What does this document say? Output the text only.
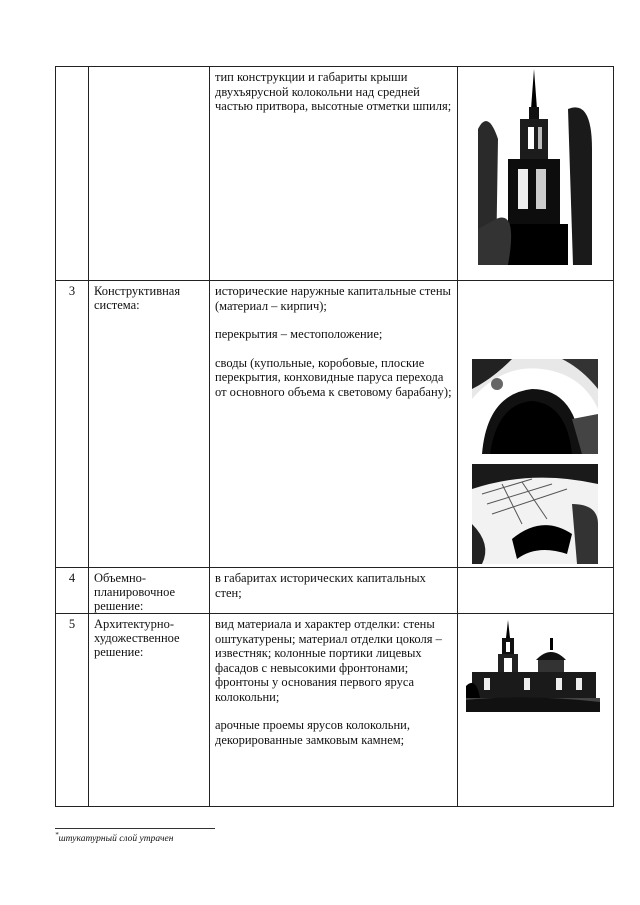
		тип конструкции и габариты крыши двухъярусной колокольни над средней частью притвора, высотные отметки шпиля;

3	Конструктивная система:	исторические наружные капитальные стены (материал – кирпич);

перекрытия – местоположение;

своды (купольные, коробовые, плоские перекрытия, конховидные паруса перехода от основного объема к световому барабану);

4	Объемно-планировочное решение:	в габаритах исторических капитальных стен;	

5	Архитектурно-художественное решение:	вид материала и характер отделки: стены оштукатурены; материал отделки цоколя – известняк; колонные портики лицевых фасадов с невысокими фронтонами; фронтоны у основания первого яруса колокольни;

арочные проемы ярусов колокольни, декорированные замковым камнем;

*штукатурный слой утрачен
